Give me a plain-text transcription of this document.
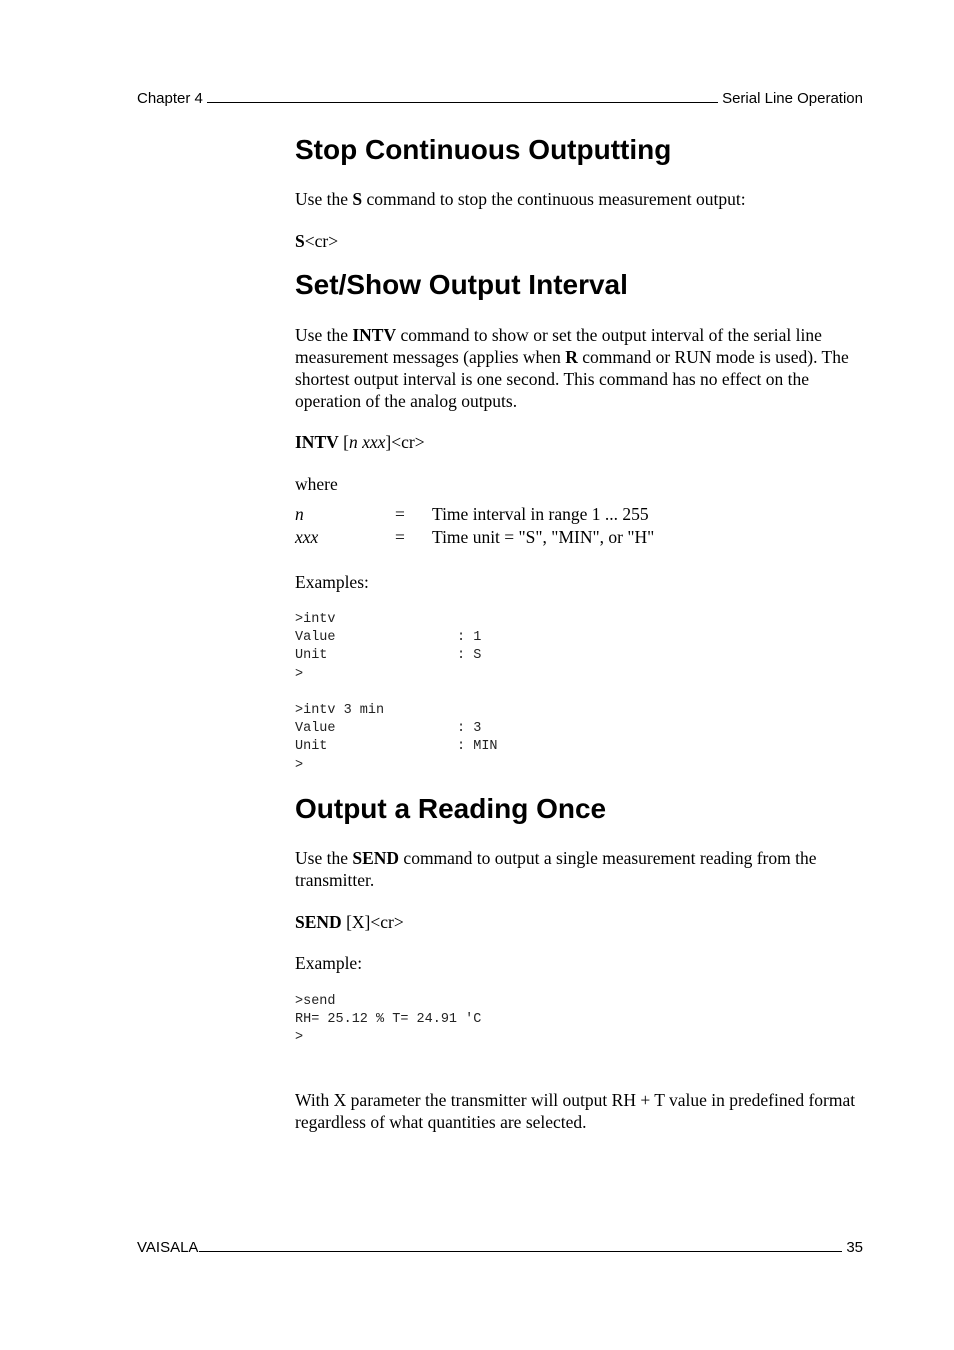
Chapter 4	Serial Line Operation
Stop Continuous Outputting

Use the S command to stop the continuous measurement output:

S<cr>

Set/Show Output Interval

Use the INTV command to show or set the output interval of the serial line measurement messages (applies when R command or RUN mode is used). The shortest output interval is one second. This command has no effect on the operation of the analog outputs.

INTV [n xxx]<cr>

where

n	=	Time interval in range 1 ... 255
xxx	=	Time unit = "S", "MIN", or "H"

Examples:

>intv
Value               : 1
Unit                : S
>
>intv 3 min
Value               : 3
Unit                : MIN
>
Output a Reading Once

Use the SEND command to output a single measurement reading from the transmitter.

SEND [X]<cr>

Example:

>send
RH= 25.12 % T= 24.91 'C
>

With X parameter the transmitter will output RH + T value in predefined format regardless of what quantities are selected.

VAISALA	35
